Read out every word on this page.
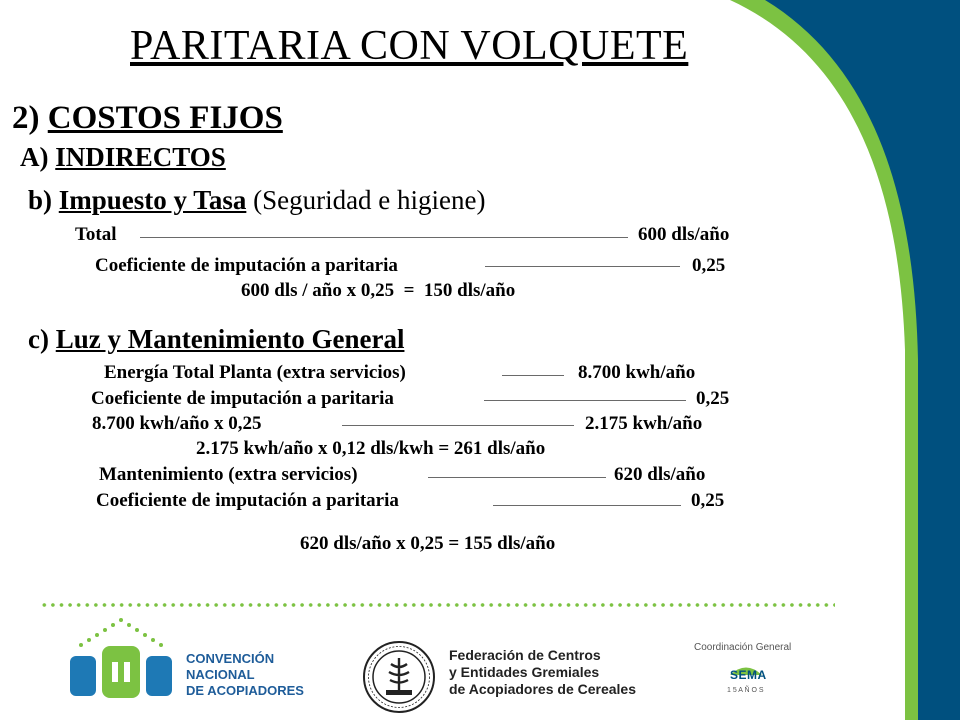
PARITARIA CON VOLQUETE
2) COSTOS FIJOS
A) INDIRECTOS
b) Impuesto y Tasa (Seguridad e higiene)
Total	600 dls/año
Coeficiente de imputación a paritaria	0,25
600 dls / año x 0,25  =  150 dls/año
c) Luz y Mantenimiento General
Energía Total Planta (extra servicios)	8.700 kwh/año
Coeficiente de imputación a paritaria	0,25
8.700 kwh/año x 0,25	2.175 kwh/año
2.175 kwh/año x 0,12 dls/kwh = 261 dls/año
Mantenimiento (extra servicios)	620 dls/año
Coeficiente de imputación a paritaria	0,25
620 dls/año x 0,25 = 155 dls/año
CONVENCIÓN
NACIONAL
DE ACOPIADORES
Federación de Centros
y Entidades Gremiales
de Acopiadores de Cereales
Coordinación General
SEMA
1 5 A Ñ O S
